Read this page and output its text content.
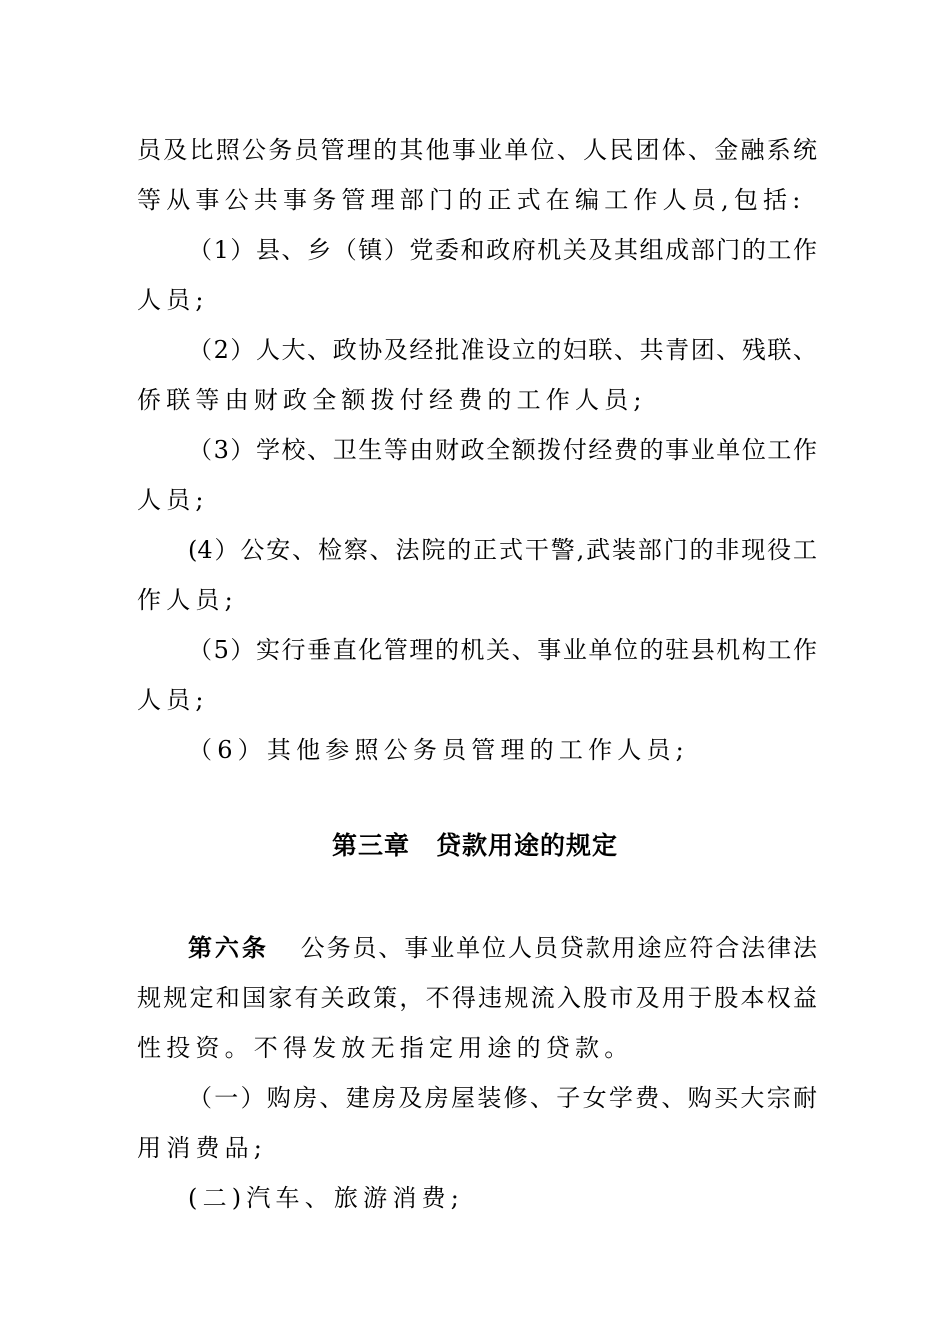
员及比照公务员管理的其他事业单位、人民团体、金融系统
等从事公共事务管理部门的正式在编工作人员,包括:
（1）县、乡（镇）党委和政府机关及其组成部门的工作
人员;
（2）人大、政协及经批准设立的妇联、共青团、残联、
侨联等由财政全额拨付经费的工作人员;
（3）学校、卫生等由财政全额拨付经费的事业单位工作
人员;
(4）公安、检察、法院的正式干警,武装部门的非现役工
作人员;
（5）实行垂直化管理的机关、事业单位的驻县机构工作
人员;
（6）其他参照公务员管理的工作人员;
第三章　贷款用途的规定
第六条 公务员、事业单位人员贷款用途应符合法律法
规规定和国家有关政策，不得违规流入股市及用于股本权益
性投资。不得发放无指定用途的贷款。
（一）购房、建房及房屋装修、子女学费、购买大宗耐
用消费品;
(二)汽车、旅游消费;
